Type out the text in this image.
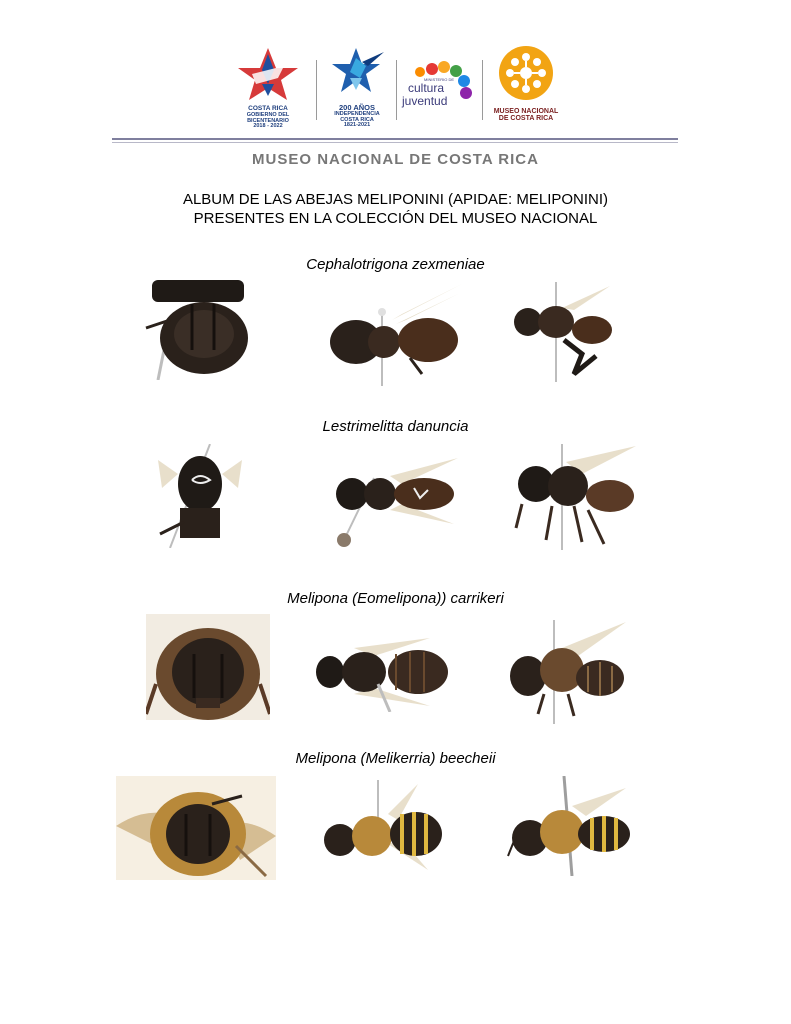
COSTA RICA
GOBIERNO DEL BICENTENARIO
2018 - 2022
200 AÑOS
INDEPENDENCIA
COSTA RICA
1821-2021
MINISTERIO DE
cultura
juventud
MUSEO NACIONAL
DE COSTA RICA
MUSEO NACIONAL DE COSTA RICA
ALBUM DE LAS ABEJAS MELIPONINI (APIDAE: MELIPONINI)
PRESENTES EN LA COLECCIÓN DEL MUSEO NACIONAL
Cephalotrigona zexmeniae
Lestrimelitta danuncia
Melipona (Eomelipona)) carrikeri
Melipona (Melikerria) beecheii
